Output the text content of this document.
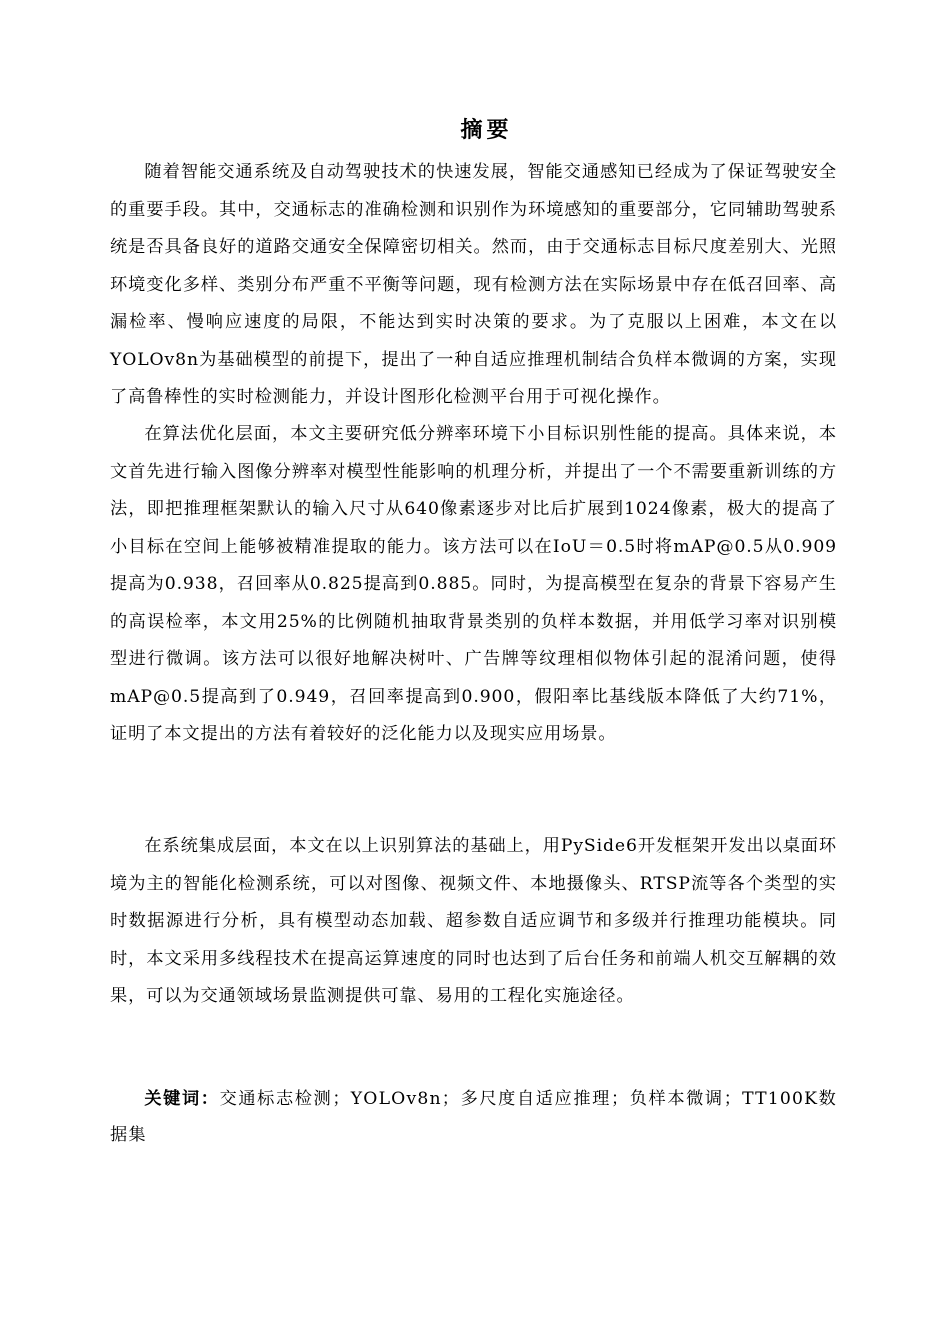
摘要

随着智能交通系统及自动驾驶技术的快速发展，智能交通感知已经成为了保证驾驶安全的重要手段。其中，交通标志的准确检测和识别作为环境感知的重要部分，它同辅助驾驶系统是否具备良好的道路交通安全保障密切相关。然而，由于交通标志目标尺度差别大、光照环境变化多样、类别分布严重不平衡等问题，现有检测方法在实际场景中存在低召回率、高漏检率、慢响应速度的局限，不能达到实时决策的要求。为了克服以上困难，本文在以YOLOv8n为基础模型的前提下，提出了一种自适应推理机制结合负样本微调的方案，实现了高鲁棒性的实时检测能力，并设计图形化检测平台用于可视化操作。

在算法优化层面，本文主要研究低分辨率环境下小目标识别性能的提高。具体来说，本文首先进行输入图像分辨率对模型性能影响的机理分析，并提出了一个不需要重新训练的方法，即把推理框架默认的输入尺寸从640像素逐步对比后扩展到1024像素，极大的提高了小目标在空间上能够被精准提取的能力。该方法可以在IoU＝0.5时将mAP@0.5从0.909提高为0.938，召回率从0.825提高到0.885。同时，为提高模型在复杂的背景下容易产生的高误检率，本文用25%的比例随机抽取背景类别的负样本数据，并用低学习率对识别模型进行微调。该方法可以很好地解决树叶、广告牌等纹理相似物体引起的混淆问题，使得mAP@0.5提高到了0.949，召回率提高到0.900，假阳率比基线版本降低了大约71%，证明了本文提出的方法有着较好的泛化能力以及现实应用场景。

在系统集成层面，本文在以上识别算法的基础上，用PySide6开发框架开发出以桌面环境为主的智能化检测系统，可以对图像、视频文件、本地摄像头、RTSP流等各个类型的实时数据源进行分析，具有模型动态加载、超参数自适应调节和多级并行推理功能模块。同时，本文采用多线程技术在提高运算速度的同时也达到了后台任务和前端人机交互解耦的效果，可以为交通领域场景监测提供可靠、易用的工程化实施途径。

关键词：交通标志检测；YOLOv8n；多尺度自适应推理；负样本微调；TT100K数据集
